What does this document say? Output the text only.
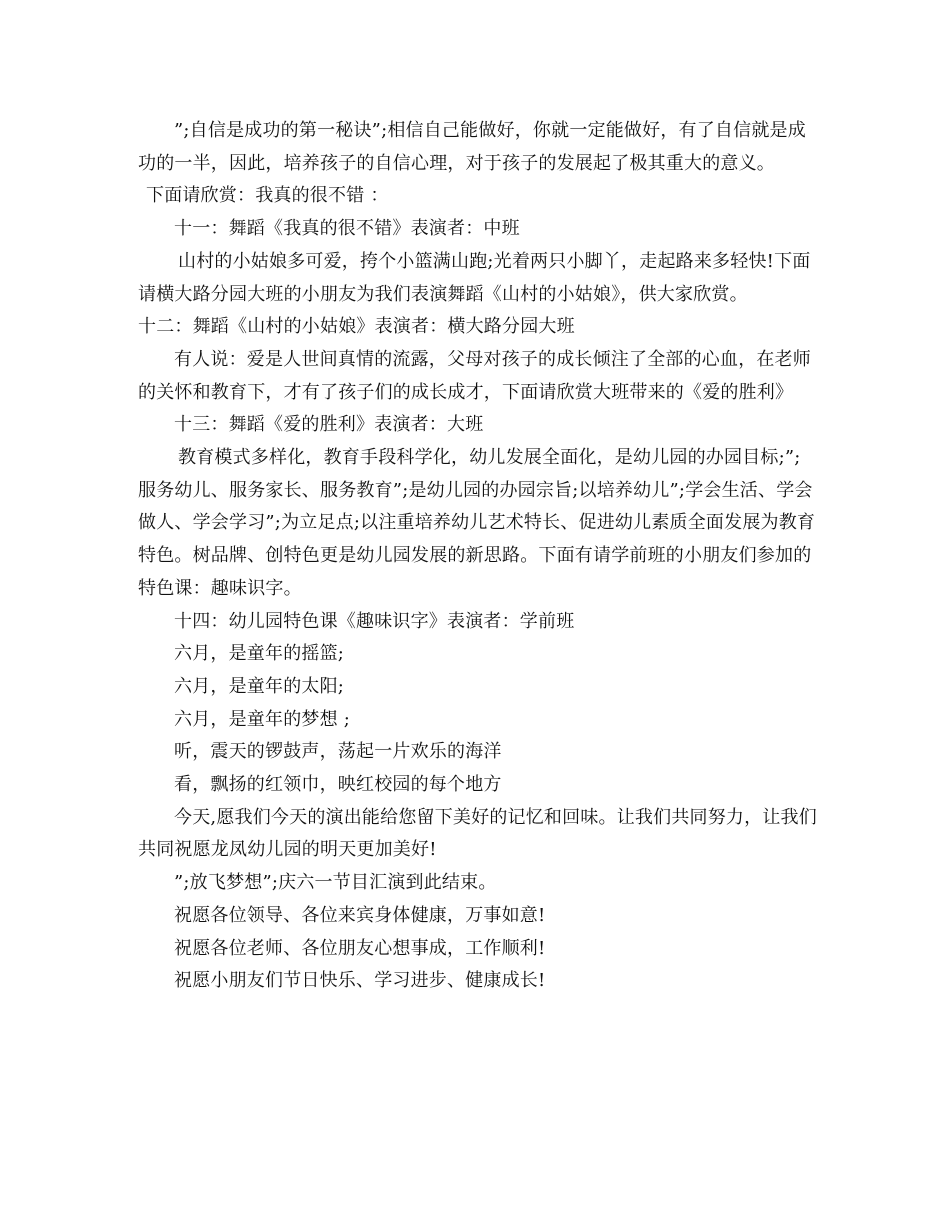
”;自信是成功的第一秘诀”;相信自己能做好，你就一定能做好，有了自信就是成功的一半，因此，培养孩子的自信心理，对于孩子的发展起了极其重大的意义。

下面请欣赏：我真的很不错 ：

十一：舞蹈《我真的很不错》表演者：中班

山村的小姑娘多可爱，挎个小篮满山跑;光着两只小脚丫，走起路来多轻快!下面请横大路分园大班的小朋友为我们表演舞蹈《山村的小姑娘》，供大家欣赏。

十二：舞蹈《山村的小姑娘》表演者：横大路分园大班

有人说：爱是人世间真情的流露，父母对孩子的成长倾注了全部的心血，在老师的关怀和教育下，才有了孩子们的成长成才，下面请欣赏大班带来的《爱的胜利》

十三：舞蹈《爱的胜利》表演者：大班

教育模式多样化，教育手段科学化，幼儿发展全面化，是幼儿园的办园目标;”;服务幼儿、服务家长、服务教育”;是幼儿园的办园宗旨;以培养幼儿”;学会生活、学会做人、学会学习”;为立足点;以注重培养幼儿艺术特长、促进幼儿素质全面发展为教育特色。树品牌、创特色更是幼儿园发展的新思路。下面有请学前班的小朋友们参加的特色课：趣味识字。

十四：幼儿园特色课《趣味识字》表演者：学前班

六月，是童年的摇篮;

六月，是童年的太阳;

六月，是童年的梦想 ;

听，震天的锣鼓声，荡起一片欢乐的海洋

看，飘扬的红领巾，映红校园的每个地方

今天,愿我们今天的演出能给您留下美好的记忆和回味。让我们共同努力，让我们共同祝愿龙凤幼儿园的明天更加美好!

”;放飞梦想”;庆六一节目汇演到此结束。

祝愿各位领导、各位来宾身体健康，万事如意!

祝愿各位老师、各位朋友心想事成，工作顺利!

祝愿小朋友们节日快乐、学习进步、健康成长!
